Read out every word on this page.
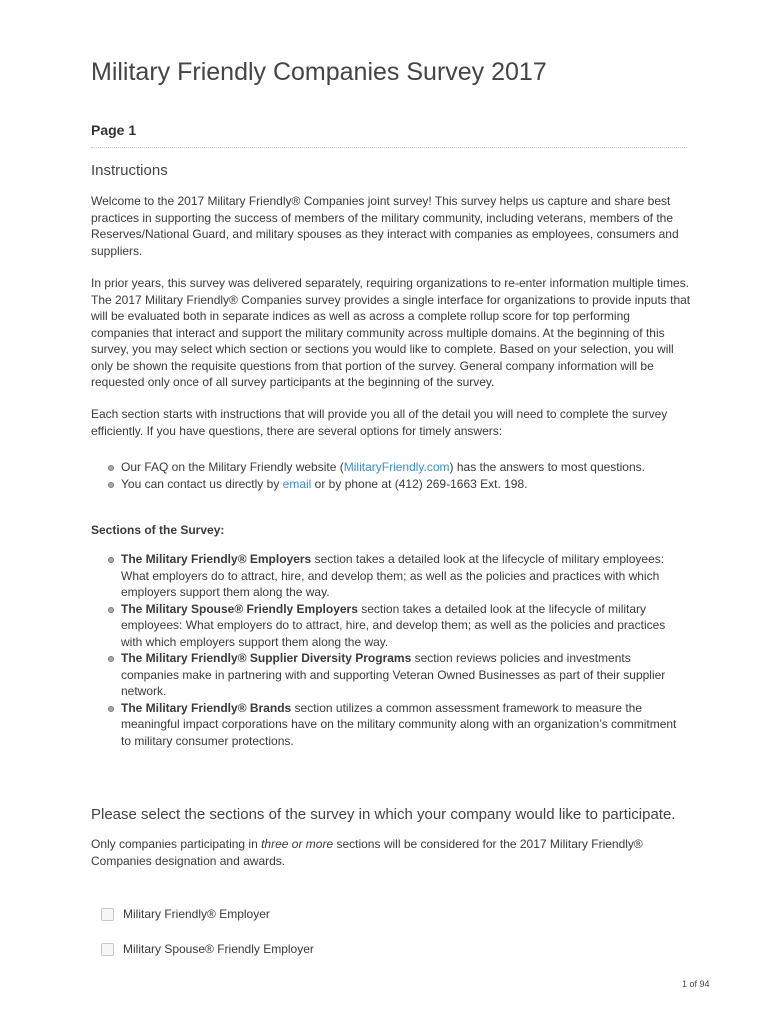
Military Friendly Companies Survey 2017
Page 1
Instructions

Welcome to the 2017 Military Friendly® Companies joint survey! This survey helps us capture and share best practices in supporting the success of members of the military community, including veterans, members of the Reserves/National Guard, and military spouses as they interact with companies as employees, consumers and suppliers.

In prior years, this survey was delivered separately, requiring organizations to re-enter information multiple times. The 2017 Military Friendly® Companies survey provides a single interface for organizations to provide inputs that will be evaluated both in separate indices as well as across a complete rollup score for top performing companies that interact and support the military community across multiple domains. At the beginning of this survey, you may select which section or sections you would like to complete. Based on your selection, you will only be shown the requisite questions from that portion of the survey. General company information will be requested only once of all survey participants at the beginning of the survey.

Each section starts with instructions that will provide you all of the detail you will need to complete the survey efficiently. If you have questions, there are several options for timely answers:

Our FAQ on the Military Friendly website (MilitaryFriendly.com) has the answers to most questions.
You can contact us directly by email or by phone at (412) 269-1663 Ext. 198.
Sections of the Survey:
The Military Friendly® Employers section takes a detailed look at the lifecycle of military employees: What employers do to attract, hire, and develop them; as well as the policies and practices with which employers support them along the way.
The Military Spouse® Friendly Employers section takes a detailed look at the lifecycle of military employees: What employers do to attract, hire, and develop them; as well as the policies and practices with which employers support them along the way.
The Military Friendly® Supplier Diversity Programs section reviews policies and investments companies make in partnering with and supporting Veteran Owned Businesses as part of their supplier network.
The Military Friendly® Brands section utilizes a common assessment framework to measure the meaningful impact corporations have on the military community along with an organization’s commitment to military consumer protections.
Please select the sections of the survey in which your company would like to participate.

Only companies participating in three or more sections will be considered for the 2017 Military Friendly® Companies designation and awards.

Military Friendly® Employer
Military Spouse® Friendly Employer
1 of 94
